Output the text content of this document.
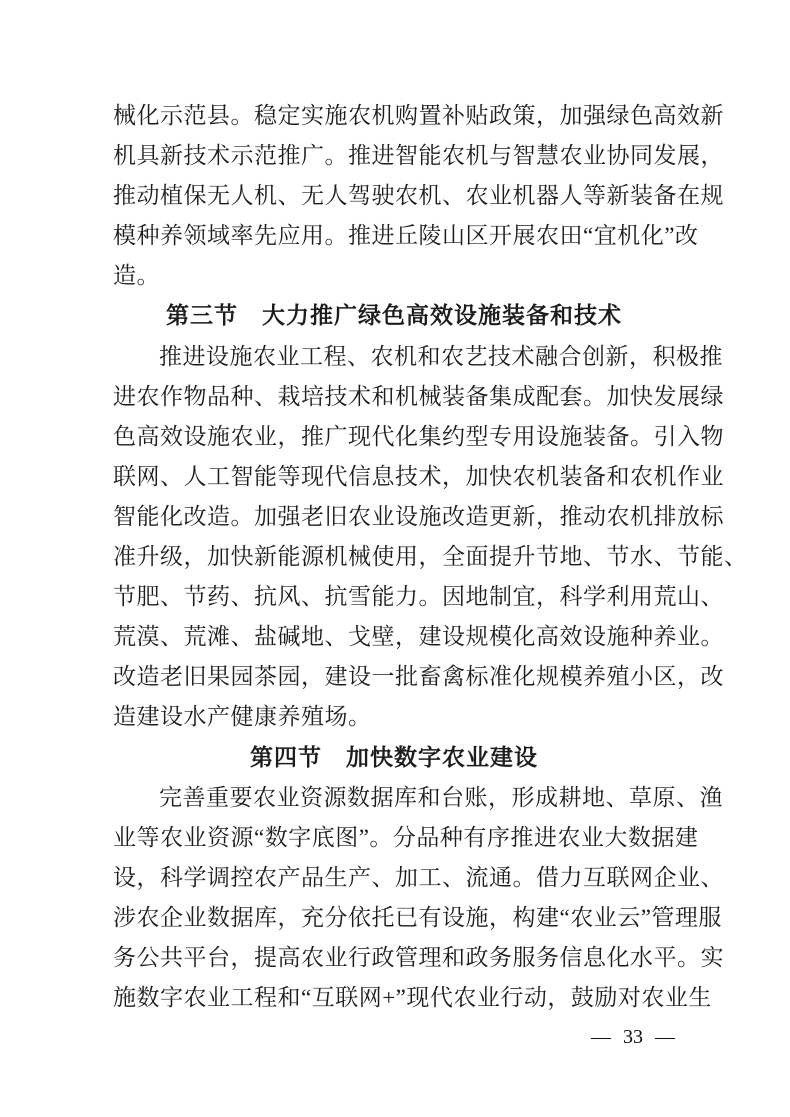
械化示范县。稳定实施农机购置补贴政策，加强绿色高效新
机具新技术示范推广。推进智能农机与智慧农业协同发展，
推动植保无人机、无人驾驶农机、农业机器人等新装备在规
模种养领域率先应用。推进丘陵山区开展农田“宜机化”改
造。
第三节　大力推广绿色高效设施装备和技术
推进设施农业工程、农机和农艺技术融合创新，积极推
进农作物品种、栽培技术和机械装备集成配套。加快发展绿
色高效设施农业，推广现代化集约型专用设施装备。引入物
联网、人工智能等现代信息技术，加快农机装备和农机作业
智能化改造。加强老旧农业设施改造更新，推动农机排放标
准升级，加快新能源机械使用，全面提升节地、节水、节能、
节肥、节药、抗风、抗雪能力。因地制宜，科学利用荒山、
荒漠、荒滩、盐碱地、戈壁，建设规模化高效设施种养业。
改造老旧果园茶园，建设一批畜禽标准化规模养殖小区，改
造建设水产健康养殖场。
第四节　加快数字农业建设
完善重要农业资源数据库和台账，形成耕地、草原、渔
业等农业资源“数字底图”。分品种有序推进农业大数据建
设，科学调控农产品生产、加工、流通。借力互联网企业、
涉农企业数据库，充分依托已有设施，构建“农业云”管理服
务公共平台，提高农业行政管理和政务服务信息化水平。实
施数字农业工程和“互联网+”现代农业行动，鼓励对农业生
— 33 —
